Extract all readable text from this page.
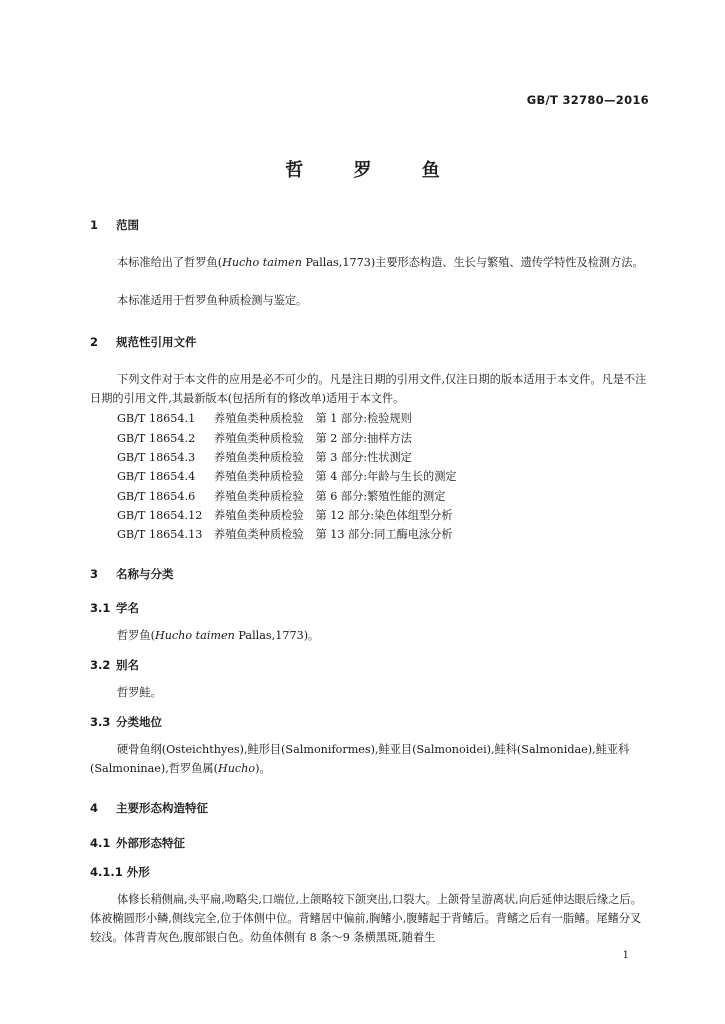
GB/T 32780—2016
哲 罗 鱼
1 范围
本标准给出了哲罗鱼(Hucho taimen Pallas,1773)主要形态构造、生长与繁殖、遗传学特性及检测方法。
本标准适用于哲罗鱼种质检测与鉴定。
2 规范性引用文件
下列文件对于本文件的应用是必不可少的。凡是注日期的引用文件,仅注日期的版本适用于本文件。凡是不注日期的引用文件,其最新版本(包括所有的修改单)适用于本文件。
GB/T 18654.1 养殖鱼类种质检验 第 1 部分:检验规则
GB/T 18654.2 养殖鱼类种质检验 第 2 部分:抽样方法
GB/T 18654.3 养殖鱼类种质检验 第 3 部分:性状测定
GB/T 18654.4 养殖鱼类种质检验 第 4 部分:年龄与生长的测定
GB/T 18654.6 养殖鱼类种质检验 第 6 部分:繁殖性能的测定
GB/T 18654.12 养殖鱼类种质检验 第 12 部分:染色体组型分析
GB/T 18654.13 养殖鱼类种质检验 第 13 部分:同工酶电泳分析
3 名称与分类
3.1 学名
哲罗鱼(Hucho taimen Pallas,1773)。
3.2 别名
哲罗鲑。
3.3 分类地位
硬骨鱼纲(Osteichthyes),鲑形目(Salmoniformes),鲑亚目(Salmonoidei),鲑科(Salmonidae),鲑亚科(Salmoninae),哲罗鱼属(Hucho)。
4 主要形态构造特征
4.1 外部形态特征
4.1.1 外形
体修长稍侧扁,头平扁,吻略尖,口端位,上颌略较下颌突出,口裂大。上颌骨呈游离状,向后延伸达眼后缘之后。体被椭圆形小鳞,侧线完全,位于体侧中位。背鳍居中偏前,胸鳍小,腹鳍起于背鳍后。背鳍之后有一脂鳍。尾鳍分叉较浅。体背青灰色,腹部银白色。幼鱼体侧有 8 条～9 条横黑斑,随着生
1
